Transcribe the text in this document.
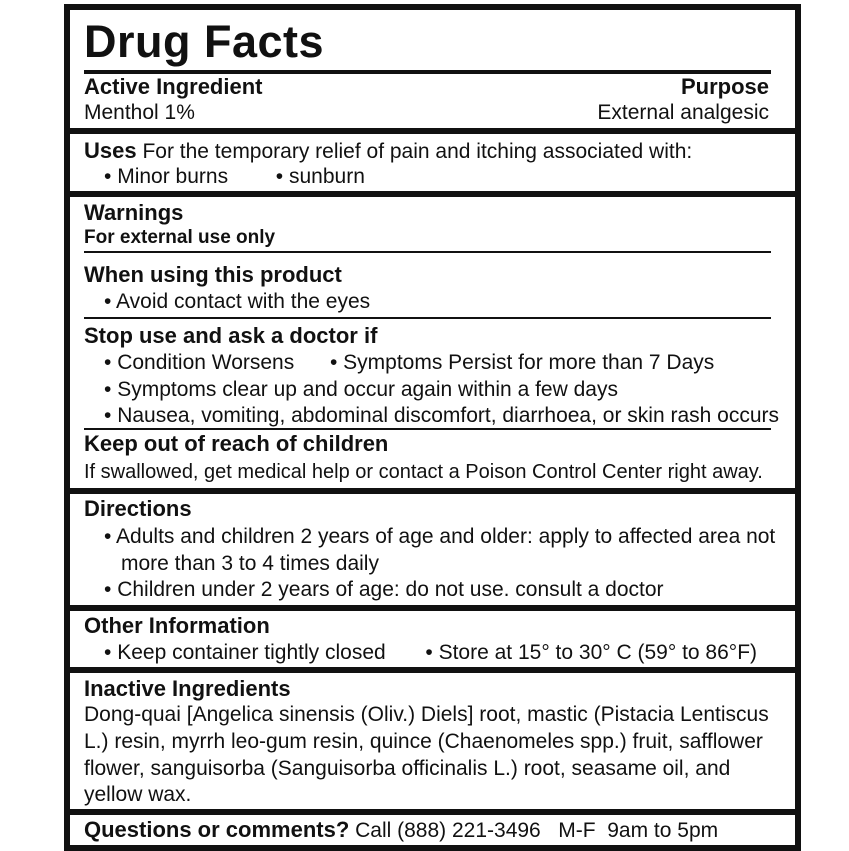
Drug Facts
Active Ingredient	Purpose
Menthol 1%	External analgesic
Uses For the temporary relief of pain and itching associated with:
• Minor burns • sunburn
Warnings
For external use only
When using this product
• Avoid contact with the eyes
Stop use and ask a doctor if
• Condition Worsens • Symptoms Persist for more than 7 Days
• Symptoms clear up and occur again within a few days
• Nausea, vomiting, abdominal discomfort, diarrhoea, or skin rash occurs
Keep out of reach of children
If swallowed, get medical help or contact a Poison Control Center right away.
Directions
• Adults and children 2 years of age and older: apply to affected area not
more than 3 to 4 times daily
• Children under 2 years of age: do not use. consult a doctor
Other Information
• Keep container tightly closed • Store at 15° to 30° C (59° to 86°F)
Inactive Ingredients
Dong-quai [Angelica sinensis (Oliv.) Diels] root, mastic (Pistacia Lentiscus
L.) resin, myrrh leo-gum resin, quince (Chaenomeles spp.) fruit, safflower
flower, sanguisorba (Sanguisorba officinalis L.) root, seasame oil, and
yellow wax.
Questions or comments? Call (888) 221-3496   M-F  9am to 5pm
